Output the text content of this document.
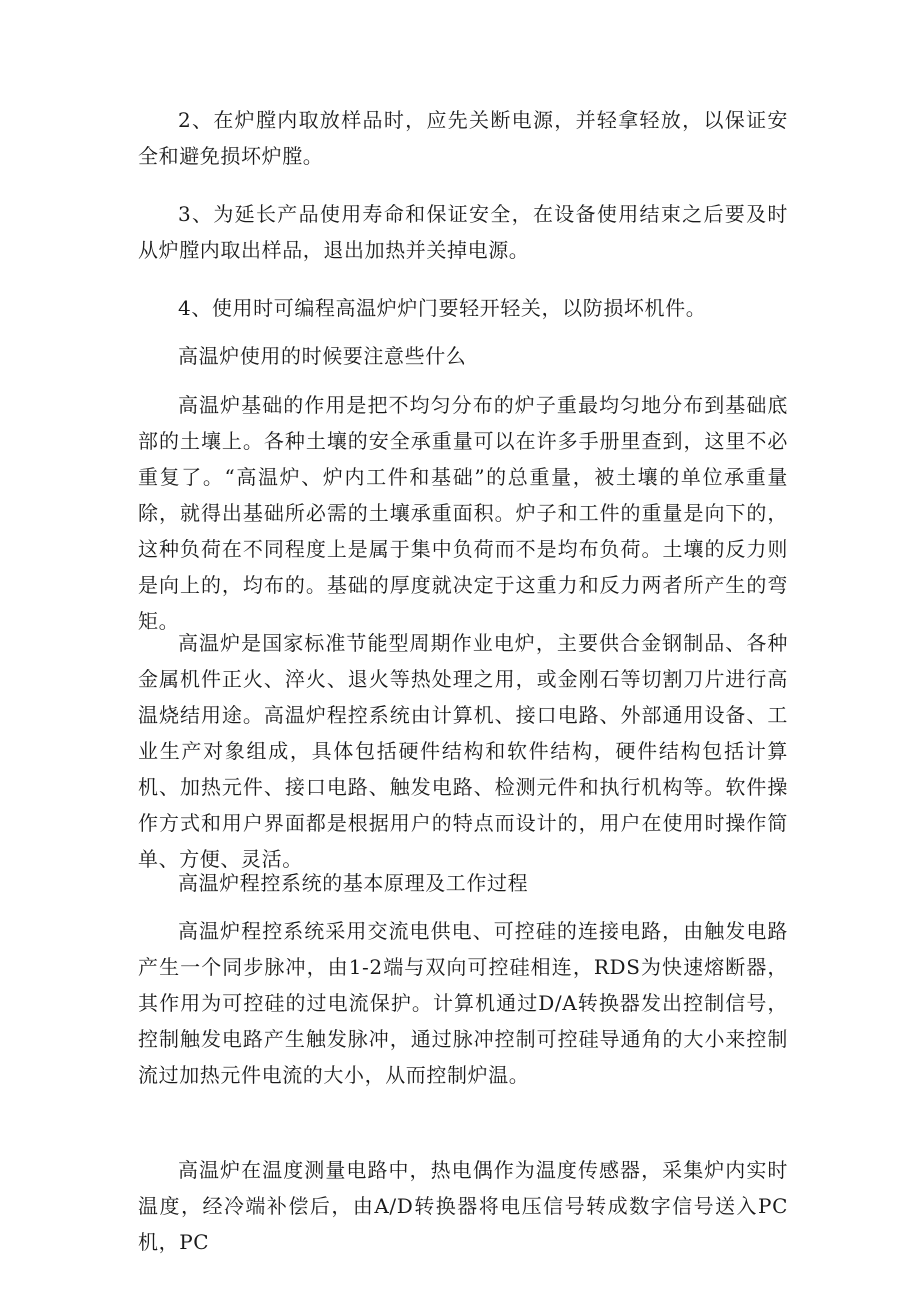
2、在炉膛内取放样品时，应先关断电源，并轻拿轻放，以保证安全和避免损坏炉膛。

3、为延长产品使用寿命和保证安全，在设备使用结束之后要及时从炉膛内取出样品，退出加热并关掉电源。

4、使用时可编程高温炉炉门要轻开轻关，以防损坏机件。

高温炉使用的时候要注意些什么

高温炉基础的作用是把不均匀分布的炉子重最均匀地分布到基础底部的土壤上。各种土壤的安全承重量可以在许多手册里查到，这里不必重复了。“高温炉、炉内工件和基础”的总重量，被土壤的单位承重量除，就得出基础所必需的土壤承重面积。炉子和工件的重量是向下的，这种负荷在不同程度上是属于集中负荷而不是均布负荷。土壤的反力则是向上的，均布的。基础的厚度就决定于这重力和反力两者所产生的弯矩。

高温炉是国家标准节能型周期作业电炉，主要供合金钢制品、各种金属机件正火、淬火、退火等热处理之用，或金刚石等切割刀片进行高温烧结用途。高温炉程控系统由计算机、接口电路、外部通用设备、工业生产对象组成，具体包括硬件结构和软件结构，硬件结构包括计算机、加热元件、接口电路、触发电路、检测元件和执行机构等。软件操作方式和用户界面都是根据用户的特点而设计的，用户在使用时操作简单、方便、灵活。

高温炉程控系统的基本原理及工作过程

高温炉程控系统采用交流电供电、可控硅的连接电路，由触发电路产生一个同步脉冲，由1-2端与双向可控硅相连，RDS为快速熔断器，其作用为可控硅的过电流保护。计算机通过D/A转换器发出控制信号，控制触发电路产生触发脉冲，通过脉冲控制可控硅导通角的大小来控制流过加热元件电流的大小，从而控制炉温。

高温炉在温度测量电路中，热电偶作为温度传感器，采集炉内实时温度，经冷端补偿后，由A/D转换器将电压信号转成数字信号送入PC机，PC
